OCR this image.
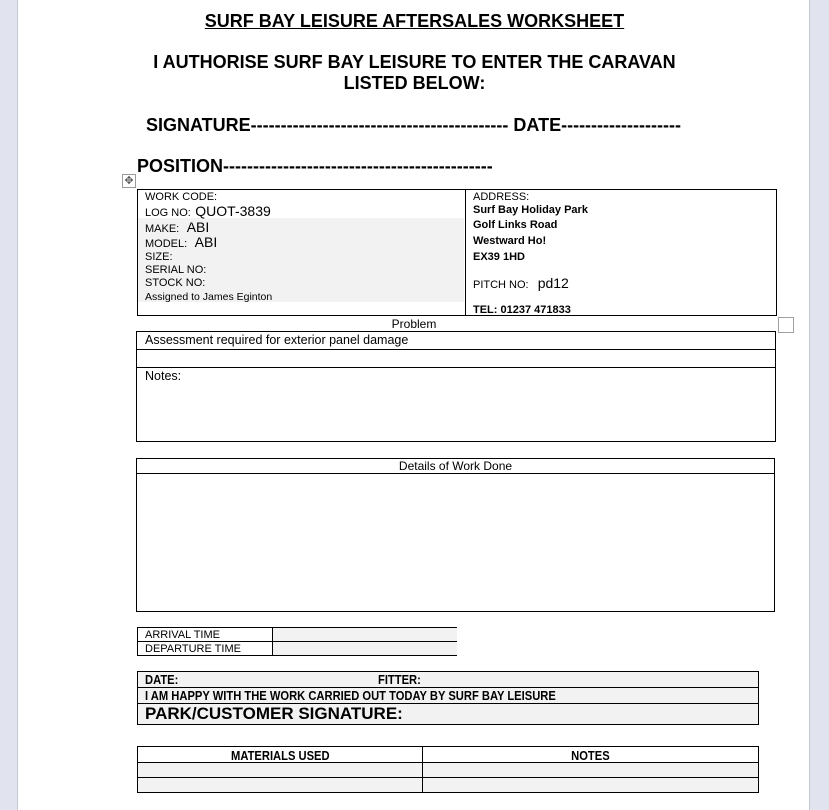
SURF BAY LEISURE AFTERSALES WORKSHEET
I AUTHORISE SURF BAY LEISURE TO ENTER THE CARAVAN
LISTED BELOW:
SIGNATURE------------------------------------------- DATE--------------------
POSITION---------------------------------------------
✥
WORK CODE:
LOG NO: QUOT-3839
MAKE: ABI
MODEL: ABI
SIZE:
SERIAL NO:
STOCK NO:
Assigned to James Eginton
ADDRESS:
Surf Bay Holiday Park
Golf Links Road
Westward Ho!
EX39 1HD
PITCH NO: pd12
TEL: 01237 471833
Problem
Assessment required for exterior panel damage
Notes:
Details of Work Done
ARRIVAL TIME
DEPARTURE TIME
DATE:	FITTER:
I AM HAPPY WITH THE WORK CARRIED OUT TODAY BY SURF BAY LEISURE
PARK/CUSTOMER SIGNATURE:
MATERIALS USED	NOTES
